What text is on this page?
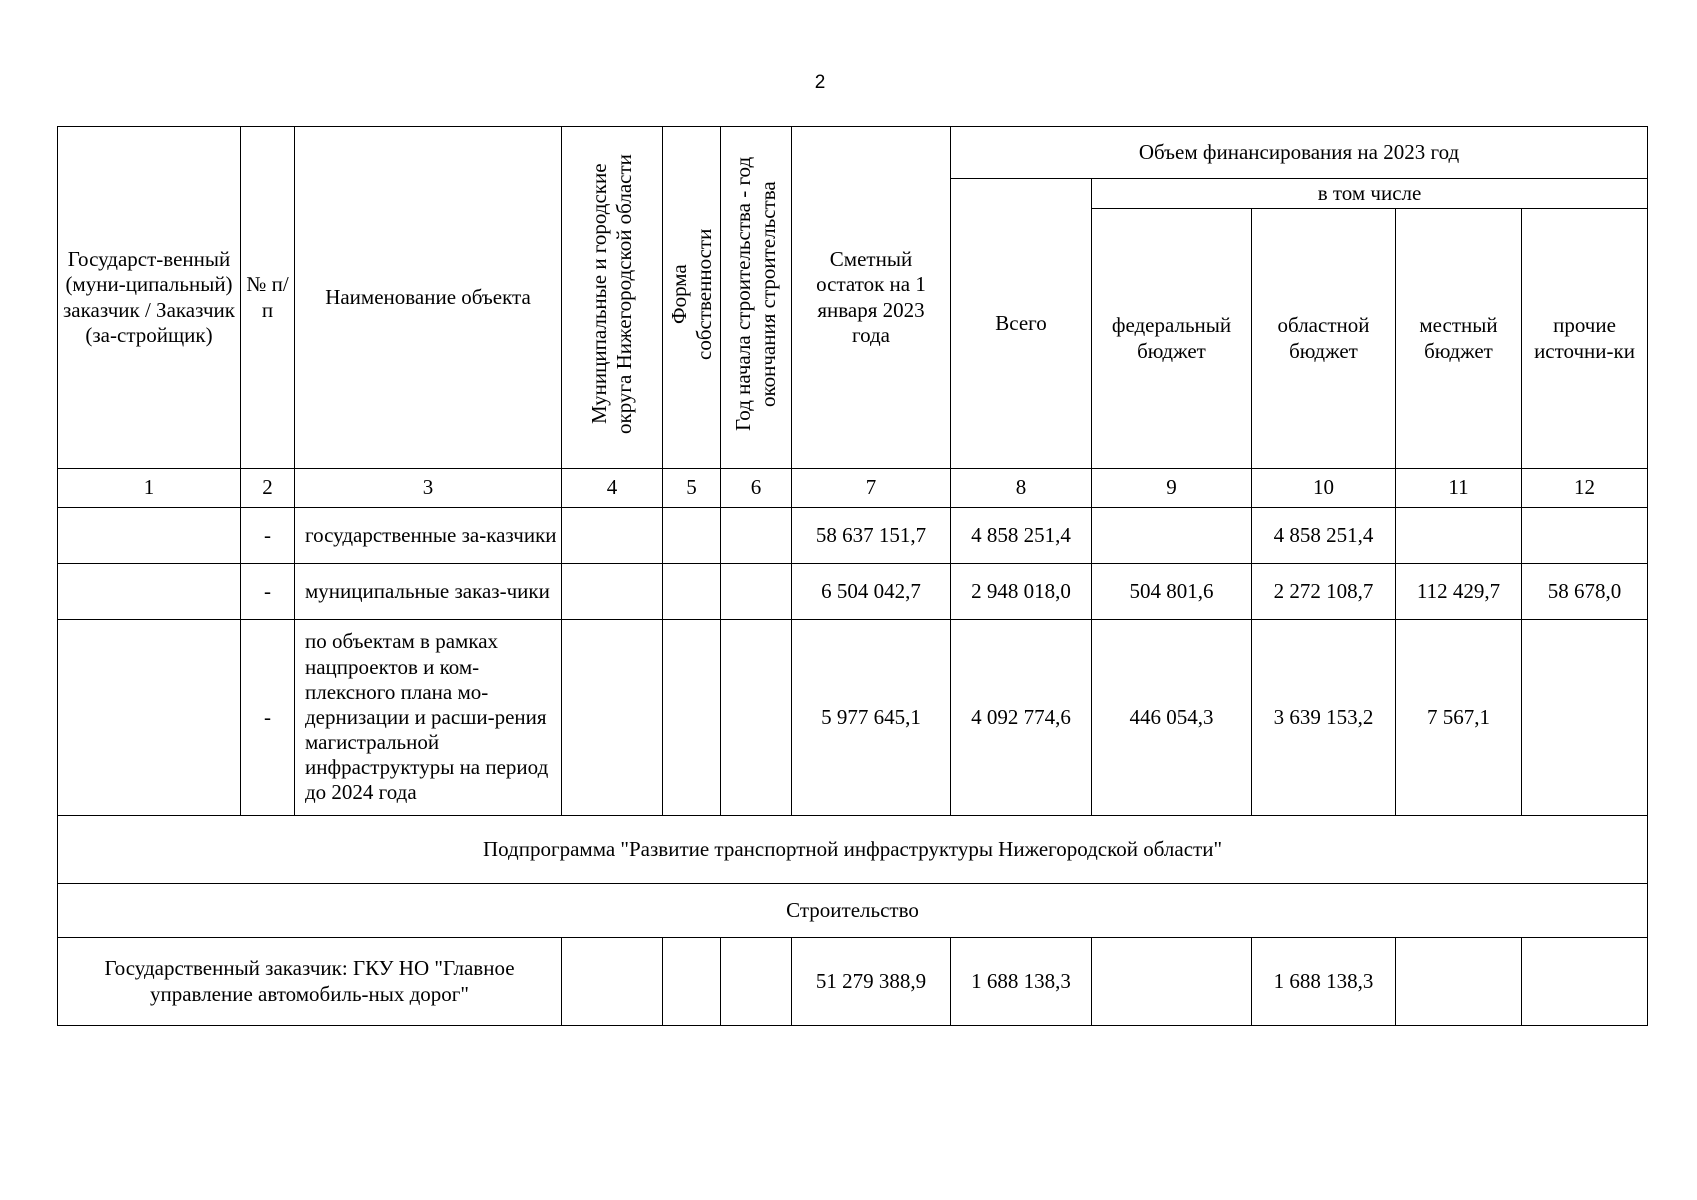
2
Государст-венный (муни-ципальный) заказчик / Заказчик (за-стройщик)	№ п/п	Наименование объекта	Муниципальные и городские округа Нижегородской области	Форма собственности	Год начала строительства - год окончания строительства	Сметный остаток на 1 января 2023 года	Объем финансирования на 2023 год				
							Всего	в том числе			
								федеральный бюджет	областной бюджет	местный бюджет	прочие источни-ки
1	2	3	4	5	6	7	8	9	10	11	12
	-	государственные за-казчики				58 637 151,7	4 858 251,4		4 858 251,4		
	-	муниципальные заказ-чики				6 504 042,7	2 948 018,0	504 801,6	2 272 108,7	112 429,7	58 678,0
	-	по объектам в рамках нацпроектов и ком-плексного плана мо-дернизации и расши-рения магистральной инфраструктуры на период до 2024 года				5 977 645,1	4 092 774,6	446 054,3	3 639 153,2	7 567,1	
Подпрограмма "Развитие транспортной инфраструктуры Нижегородской области"											
Строительство											
Государственный заказчик: ГКУ НО "Главное управление автомобиль-ных дорог"						51 279 388,9	1 688 138,3		1 688 138,3		
